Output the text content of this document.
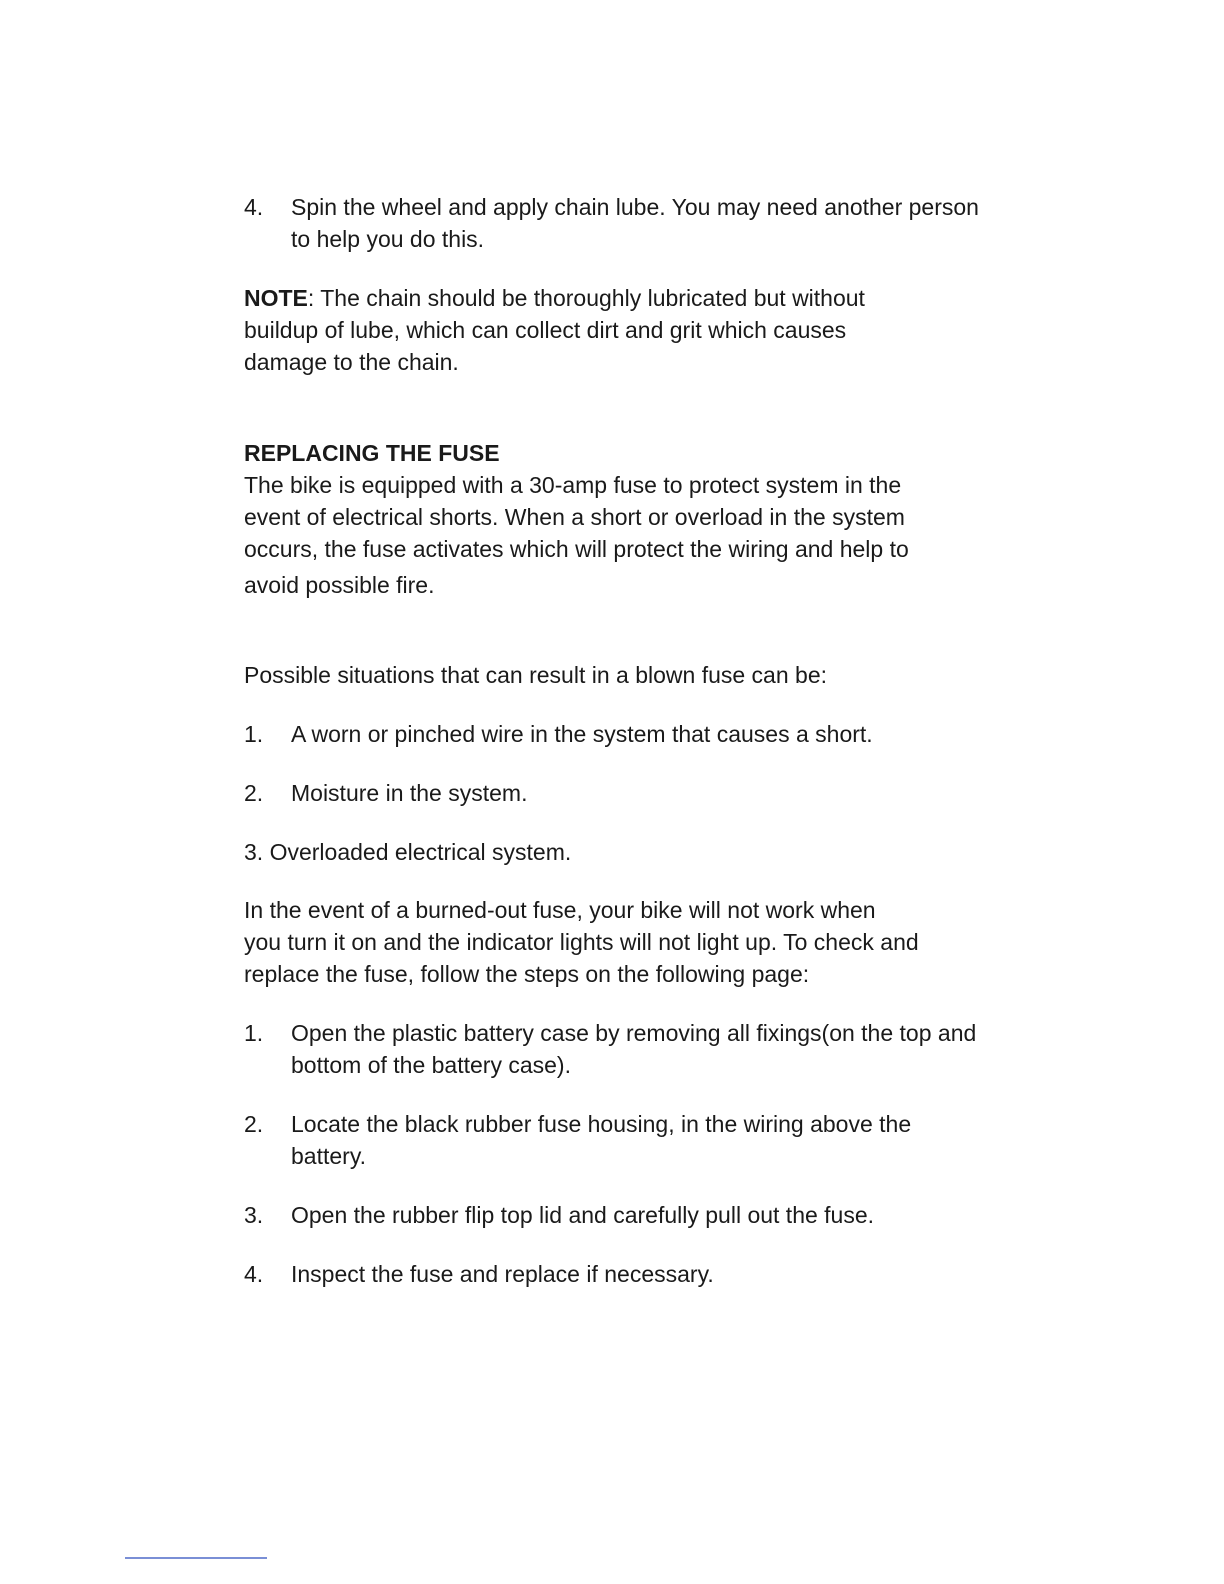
4.	Spin the wheel and apply chain lube. You may need another person to help you do this.
NOTE: The chain should be thoroughly lubricated but without buildup of lube, which can collect dirt and grit which causes damage to the chain.
REPLACING THE FUSE
The bike is equipped with a 30-amp fuse to protect system in the
event of electrical shorts. When a short or overload in the system
occurs, the fuse activates which will protect the wiring and help to
avoid possible fire.
Possible situations that can result in a blown fuse can be:
1.	A worn or pinched wire in the system that causes a short.
2.	Moisture in the system.
3. Overloaded electrical system.
In the event of a burned-out fuse, your bike will not work when
you turn it on and the indicator lights will not light up. To check and
replace the fuse, follow the steps on the following page:
1.	Open the plastic battery case by removing all fixings(on the top and bottom of the battery case).
2.	Locate the black rubber fuse housing, in the wiring above the battery.
3.	Open the rubber flip top lid and carefully pull out the fuse.
4.	Inspect the fuse and replace if necessary.
